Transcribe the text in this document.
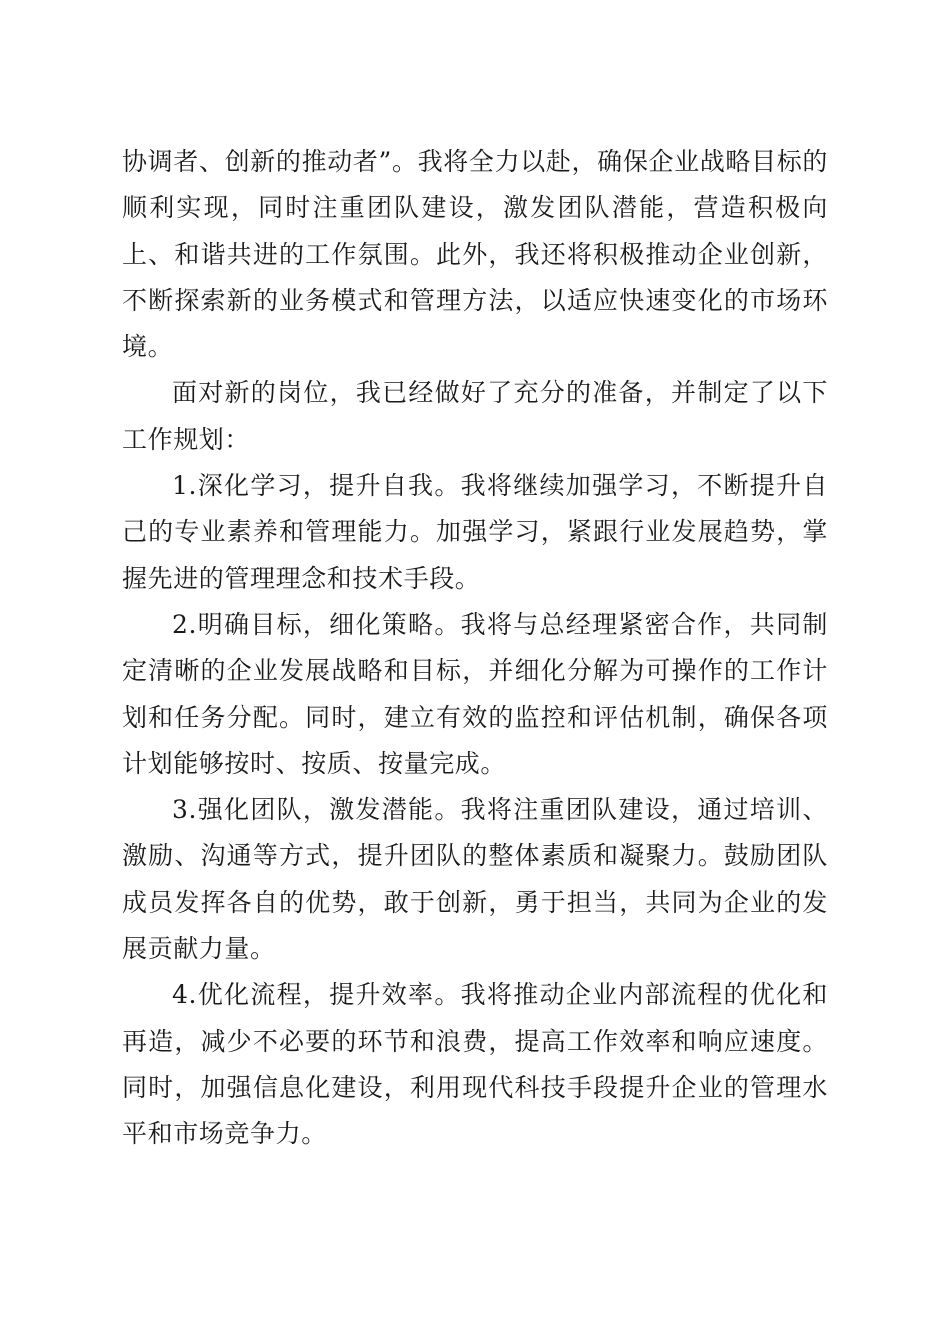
协调者、创新的推动者”。我将全力以赴，确保企业战略目标的顺利实现，同时注重团队建设，激发团队潜能，营造积极向上、和谐共进的工作氛围。此外，我还将积极推动企业创新，不断探索新的业务模式和管理方法，以适应快速变化的市场环境。

面对新的岗位，我已经做好了充分的准备，并制定了以下工作规划：

1.深化学习，提升自我。我将继续加强学习，不断提升自己的专业素养和管理能力。加强学习，紧跟行业发展趋势，掌握先进的管理理念和技术手段。

2.明确目标，细化策略。我将与总经理紧密合作，共同制定清晰的企业发展战略和目标，并细化分解为可操作的工作计划和任务分配。同时，建立有效的监控和评估机制，确保各项计划能够按时、按质、按量完成。

3.强化团队，激发潜能。我将注重团队建设，通过培训、激励、沟通等方式，提升团队的整体素质和凝聚力。鼓励团队成员发挥各自的优势，敢于创新，勇于担当，共同为企业的发展贡献力量。

4.优化流程，提升效率。我将推动企业内部流程的优化和再造，减少不必要的环节和浪费，提高工作效率和响应速度。同时，加强信息化建设，利用现代科技手段提升企业的管理水平和市场竞争力。
